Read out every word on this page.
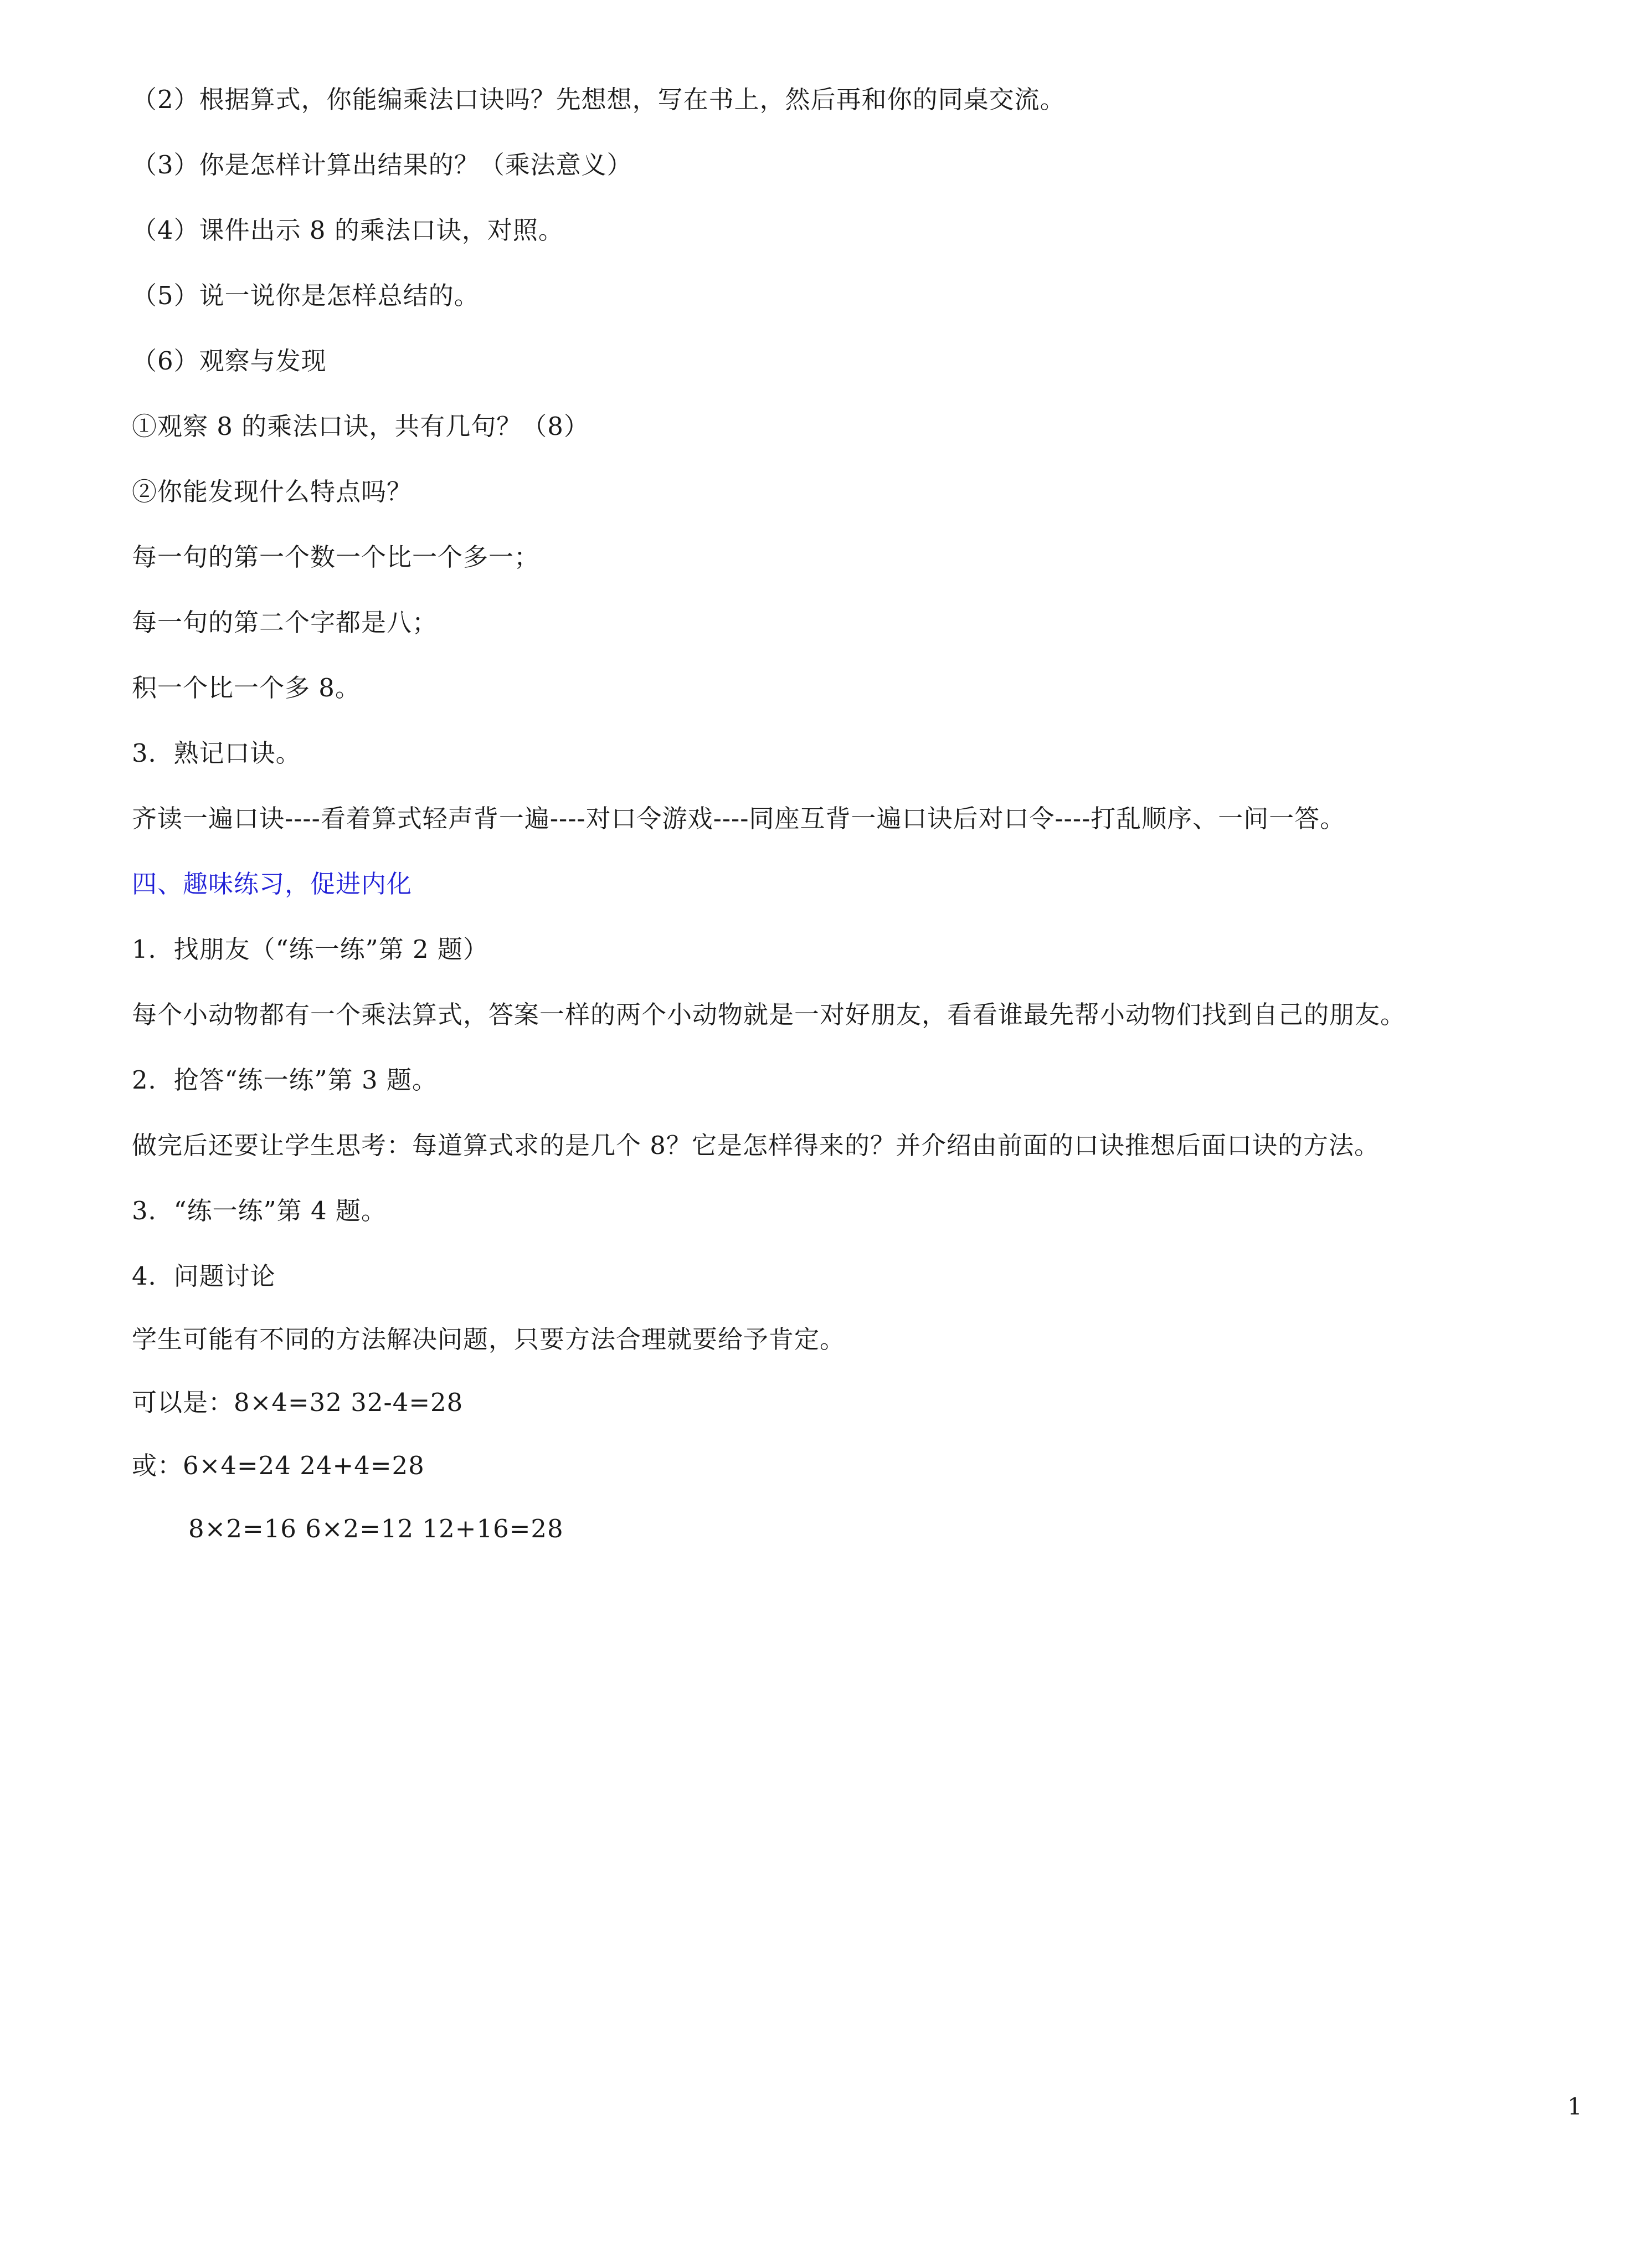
（2）根据算式，你能编乘法口诀吗？先想想，写在书上，然后再和你的同桌交流。
（3）你是怎样计算出结果的？（乘法意义）
（4）课件出示 8 的乘法口诀，对照。
（5）说一说你是怎样总结的。
（6）观察与发现
①观察 8 的乘法口诀，共有几句？（8）
②你能发现什么特点吗？
每一句的第一个数一个比一个多一；
每一句的第二个字都是八；
积一个比一个多 8。
3．熟记口诀。
齐读一遍口诀----看着算式轻声背一遍----对口令游戏----同座互背一遍口诀后对口令----打乱顺序、一问一答。
四、趣味练习，促进内化
1．找朋友（“练一练”第 2 题）
每个小动物都有一个乘法算式，答案一样的两个小动物就是一对好朋友，看看谁最先帮小动物们找到自己的朋友。
2．抢答“练一练”第 3 题。
做完后还要让学生思考：每道算式求的是几个 8？它是怎样得来的？并介绍由前面的口诀推想后面口诀的方法。
3．“练一练”第 4 题。
4．问题讨论
学生可能有不同的方法解决问题，只要方法合理就要给予肯定。
可以是：8×4=32 32-4=28
或：6×4=24 24+4=28
8×2=16 6×2=12 12+16=28
1
